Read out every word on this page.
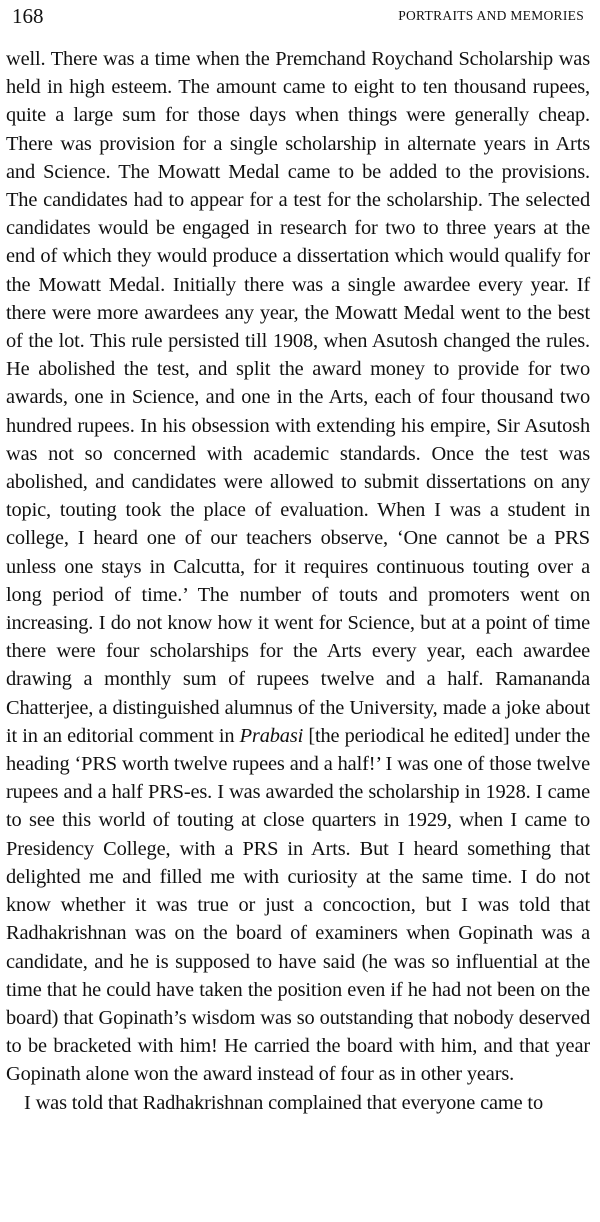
168	PORTRAITS AND MEMORIES

well. There was a time when the Premchand Roychand Scholarship was held in high esteem. The amount came to eight to ten thousand rupees, quite a large sum for those days when things were generally cheap. There was provision for a single scholarship in alternate years in Arts and Science. The Mowatt Medal came to be added to the provisions. The candidates had to appear for a test for the scholarship. The selected candidates would be engaged in research for two to three years at the end of which they would produce a dissertation which would qualify for the Mowatt Medal. Initially there was a single awardee every year. If there were more awardees any year, the Mowatt Medal went to the best of the lot. This rule persisted till 1908, when Asutosh changed the rules. He abolished the test, and split the award money to provide for two awards, one in Science, and one in the Arts, each of four thousand two hundred rupees. In his obsession with extending his empire, Sir Asutosh was not so concerned with academic standards. Once the test was abolished, and candidates were allowed to submit dissertations on any topic, touting took the place of evaluation. When I was a student in college, I heard one of our teachers observe, ‘One cannot be a PRS unless one stays in Calcutta, for it requires continuous touting over a long period of time.’ The number of touts and promoters went on increasing. I do not know how it went for Science, but at a point of time there were four scholarships for the Arts every year, each awardee drawing a monthly sum of rupees twelve and a half. Ramananda Chatterjee, a distinguished alumnus of the University, made a joke about it in an editorial comment in Prabasi [the periodical he edited] under the heading ‘PRS worth twelve rupees and a half!’ I was one of those twelve rupees and a half PRS-es. I was awarded the scholarship in 1928. I came to see this world of touting at close quarters in 1929, when I came to Presidency College, with a PRS in Arts. But I heard something that delighted me and filled me with curiosity at the same time. I do not know whether it was true or just a concoction, but I was told that Radhakrishnan was on the board of examiners when Gopinath was a candidate, and he is supposed to have said (he was so influential at the time that he could have taken the position even if he had not been on the board) that Gopinath’s wisdom was so outstanding that nobody deserved to be bracketed with him! He carried the board with him, and that year Gopinath alone won the award instead of four as in other years.

I was told that Radhakrishnan complained that everyone came to
